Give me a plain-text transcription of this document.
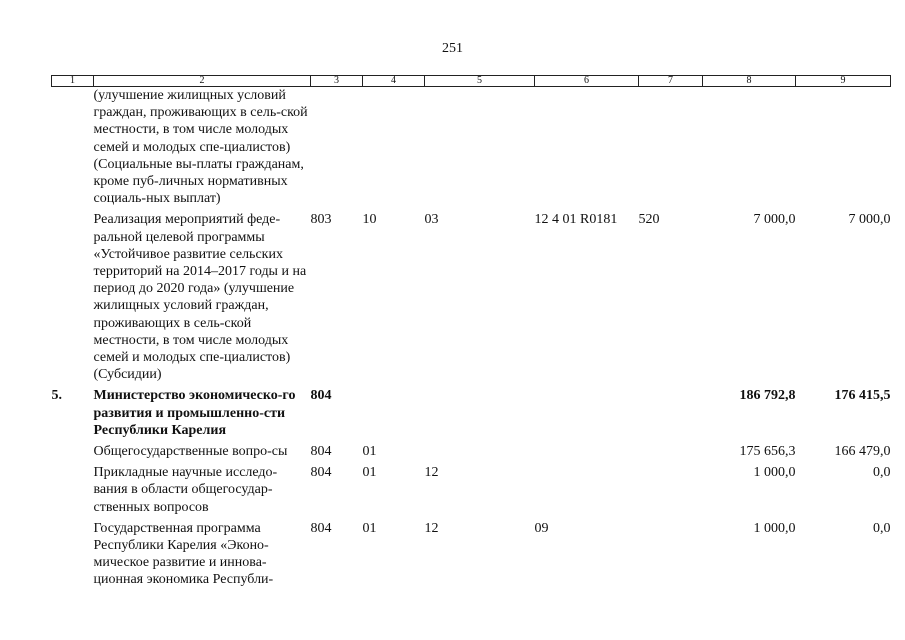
251
1	2	3	4	5	6	7	8	9
	(улучшение жилищных условий граждан, проживающих в сель-ской местности, в том числе молодых семей и молодых спе-циалистов) (Социальные вы-платы гражданам, кроме пуб-личных нормативных социаль-ных выплат)							
	Реализация мероприятий феде-ральной целевой программы «Устойчивое развитие сельских территорий на 2014–2017 годы и на период до 2020 года» (улучшение жилищных условий граждан, проживающих в сель-ской местности, в том числе молодых семей и молодых спе-циалистов) (Субсидии)	803	10	03	12 4 01 R0181	520	7 000,0	7 000,0
5.	Министерство экономическо-го развития и промышленно-сти Республики Карелия	804					186 792,8	176 415,5
	Общегосударственные вопро-сы	804	01				175 656,3	166 479,0
	Прикладные научные исследо-вания в области общегосудар-ственных вопросов	804	01	12			1 000,0	0,0
	Государственная программа Республики Карелия «Эконо-мическое развитие и иннова-ционная экономика Республи-	804	01	12	09		1 000,0	0,0
